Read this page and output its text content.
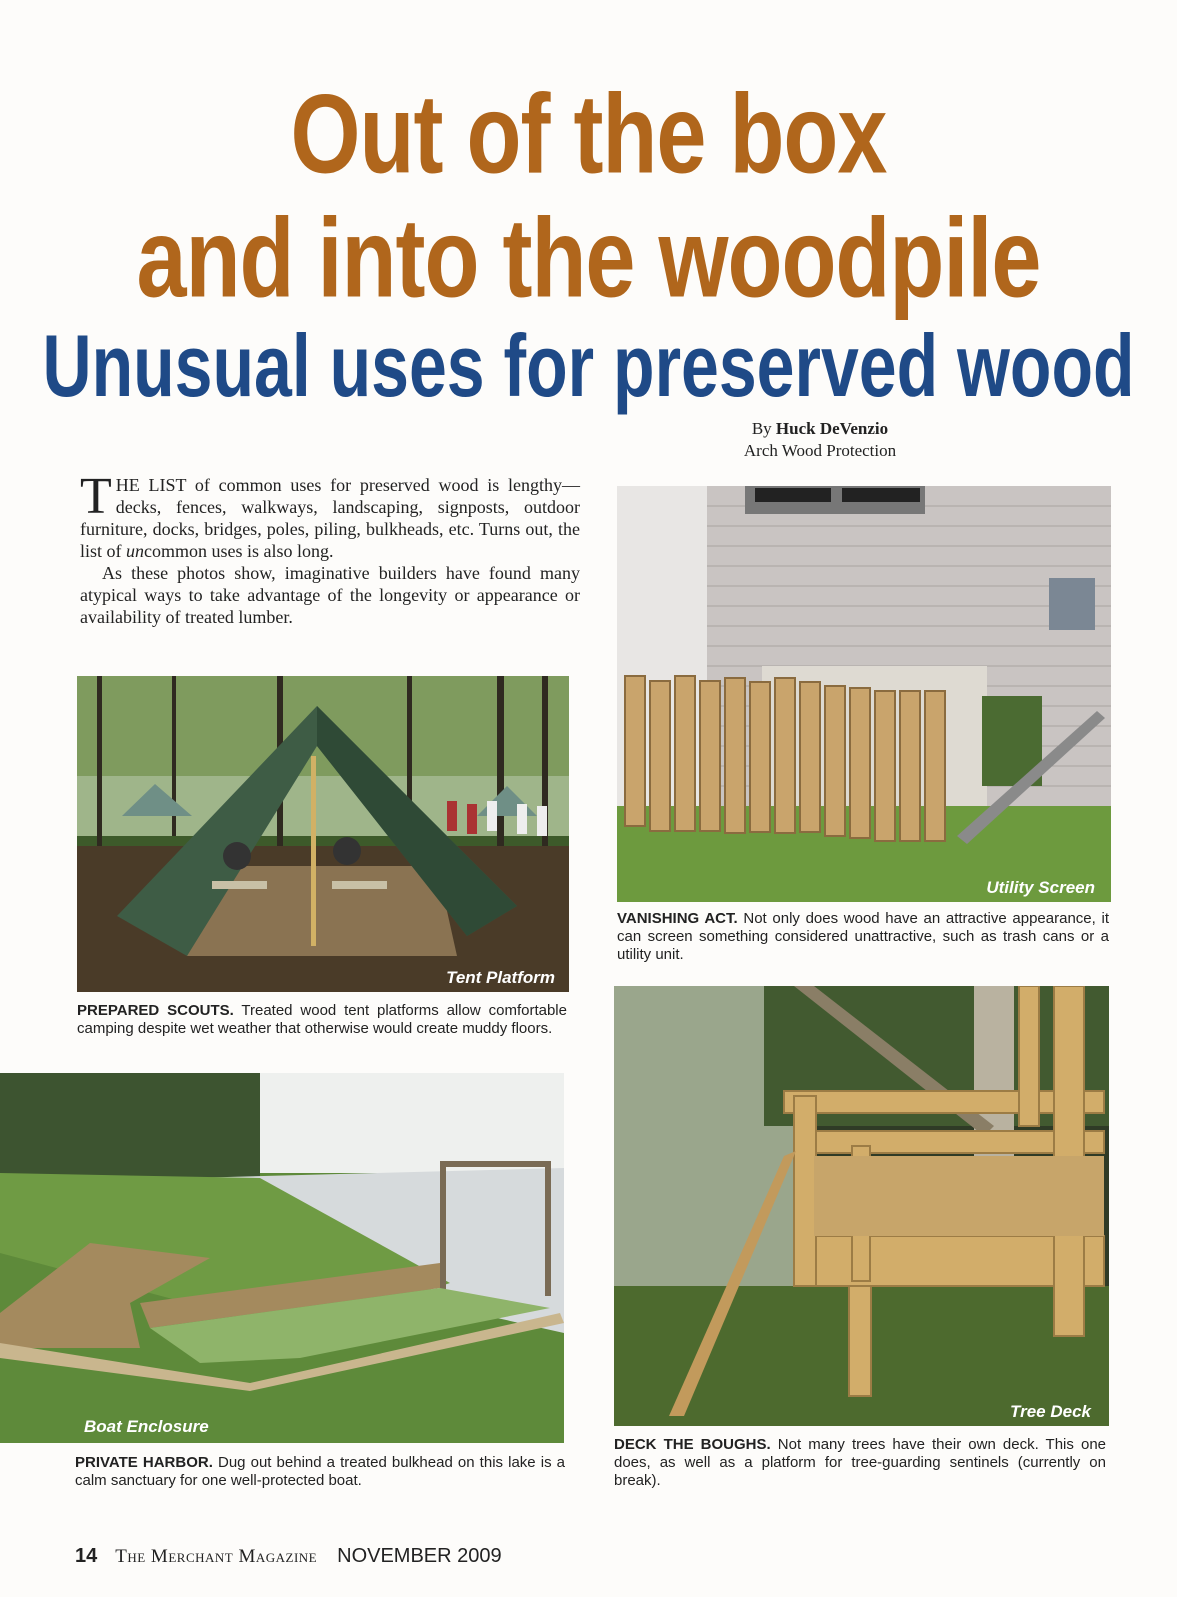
Out of the box
and into the woodpile
Unusual uses for preserved wood
By Huck DeVenzio
Arch Wood Protection

THE LIST of common uses for preserved wood is lengthy—decks, fences, walkways, landscaping, signposts, outdoor furniture, docks, bridges, poles, piling, bulkheads, etc. Turns out, the list of uncommon uses is also long.

As these photos show, imaginative builders have found many atypical ways to take advantage of the longevity or appearance or availability of treated lumber.

Tent Platform
PREPARED SCOUTS. Treated wood tent platforms allow comfortable camping despite wet weather that otherwise would create muddy floors.
Utility Screen
VANISHING ACT. Not only does wood have an attractive appearance, it can screen something considered unattractive, such as trash cans or a utility unit.
Boat Enclosure
PRIVATE HARBOR. Dug out behind a treated bulkhead on this lake is a calm sanctuary for one well-protected boat.
Tree Deck
DECK THE BOUGHS. Not many trees have their own deck. This one does, as well as a platform for tree-guarding sentinels (currently on break).
14 The Merchant Magazine NOVEMBER 2009
